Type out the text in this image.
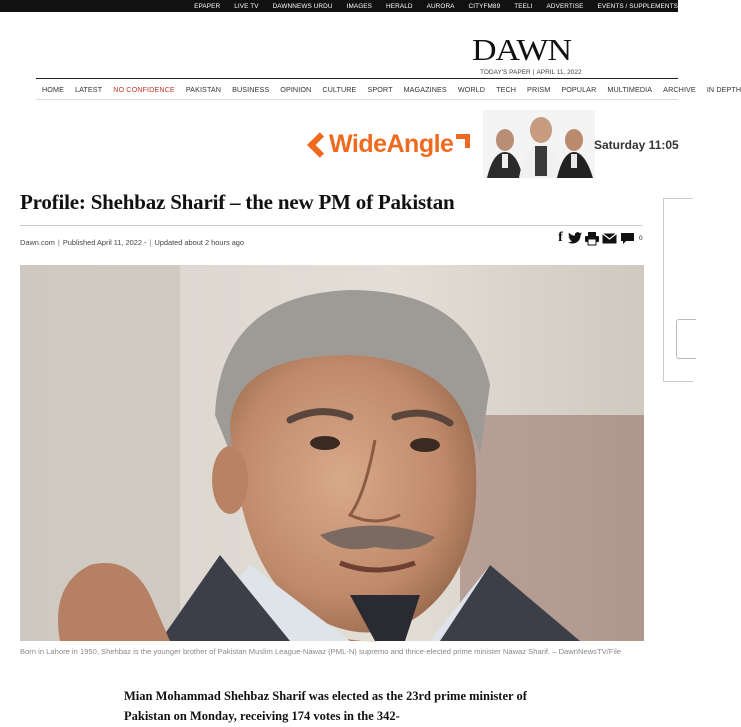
EPAPER LIVE TV DAWNNEWS URDU IMAGES HERALD AURORA CITYFM89 TEELI ADVERTISE EVENTS / SUPPLEMENTS
DAWN
TODAY'S PAPER | APRIL 11, 2022
HOME LATEST NO CONFIDENCE PAKISTAN BUSINESS OPINION CULTURE SPORT MAGAZINES WORLD TECH PRISM POPULAR MULTIMEDIA ARCHIVE IN DEPTH
WideAngle	Saturday 11:05
Profile: Shehbaz Sharif – the new PM of Pakistan
Dawn.com | Published April 11, 2022 - | Updated about 2 hours ago	f	0

Born in Lahore in 1950, Shehbaz is the younger brother of Pakistan Muslim League-Nawaz (PML-N) supremo and thrice-elected prime minister Nawaz Sharif. – DawnNewsTV/File

Mian Mohammad Shehbaz Sharif was elected as the 23rd prime minister of Pakistan on Monday, receiving 174 votes in the 342-
